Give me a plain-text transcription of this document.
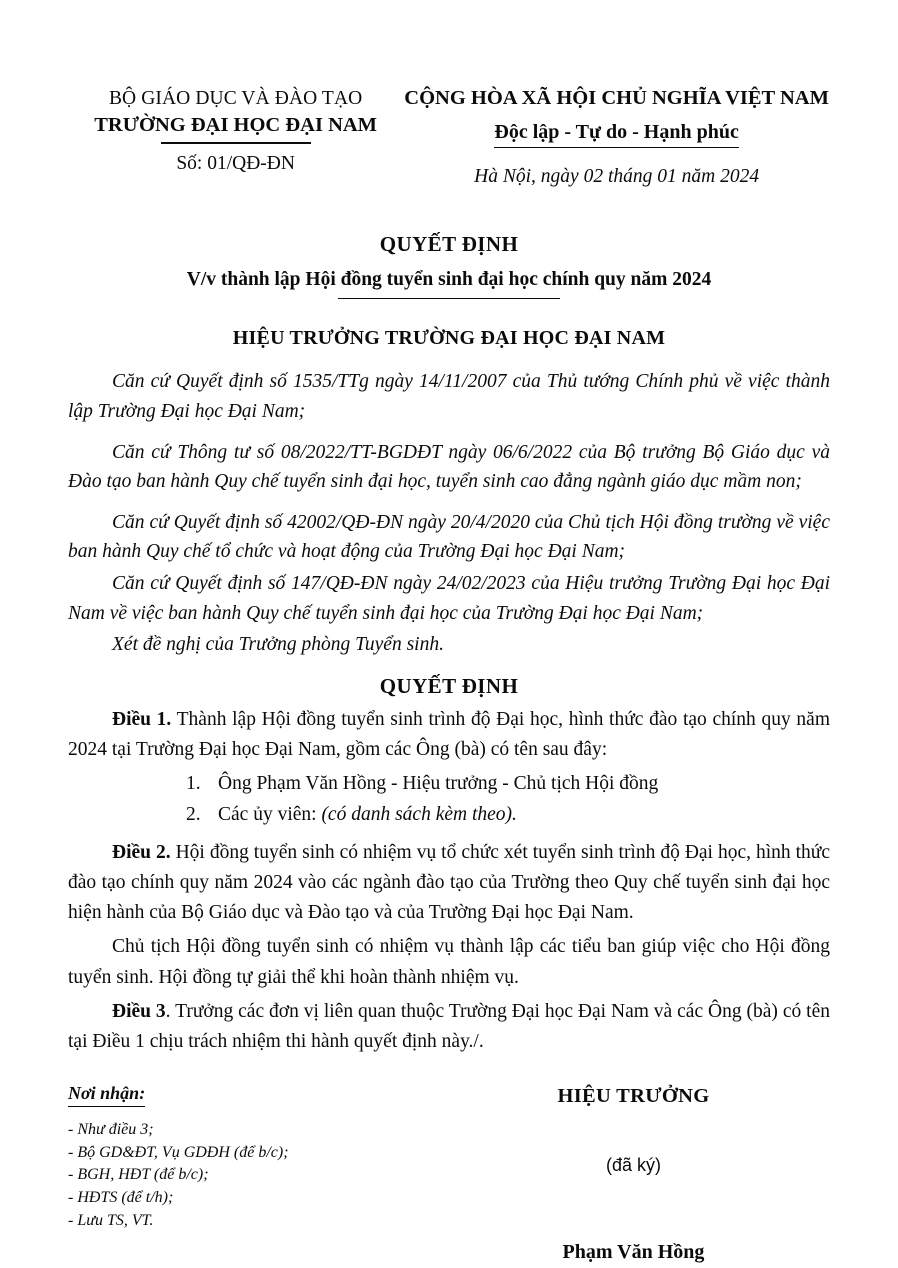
BỘ GIÁO DỤC VÀ ĐÀO TẠO
TRƯỜNG ĐẠI HỌC ĐẠI NAM
Số: 01/QĐ-ĐN
CỘNG HÒA XÃ HỘI CHỦ NGHĨA VIỆT NAM
Độc lập - Tự do - Hạnh phúc
Hà Nội, ngày 02 tháng 01 năm 2024
QUYẾT ĐỊNH
V/v thành lập Hội đồng tuyển sinh đại học chính quy năm 2024
HIỆU TRƯỞNG TRƯỜNG ĐẠI HỌC ĐẠI NAM

Căn cứ Quyết định số 1535/TTg ngày 14/11/2007 của Thủ tướng Chính phủ về việc thành lập Trường Đại học Đại Nam;

Căn cứ Thông tư số 08/2022/TT-BGDĐT ngày 06/6/2022 của Bộ trưởng Bộ Giáo dục và Đào tạo ban hành Quy chế tuyển sinh đại học, tuyển sinh cao đẳng ngành giáo dục mầm non;

Căn cứ Quyết định số 42002/QĐ-ĐN ngày 20/4/2020 của Chủ tịch Hội đồng trường về việc ban hành Quy chế tổ chức và hoạt động của Trường Đại học Đại Nam;

Căn cứ Quyết định số 147/QĐ-ĐN ngày 24/02/2023 của Hiệu trưởng Trường Đại học Đại Nam về việc ban hành Quy chế tuyển sinh đại học của Trường Đại học Đại Nam;

Xét đề nghị của Trưởng phòng Tuyển sinh.

QUYẾT ĐỊNH

Điều 1. Thành lập Hội đồng tuyển sinh trình độ Đại học, hình thức đào tạo chính quy năm 2024 tại Trường Đại học Đại Nam, gồm các Ông (bà) có tên sau đây:

1. Ông Phạm Văn Hồng - Hiệu trưởng - Chủ tịch Hội đồng
2. Các ủy viên: (có danh sách kèm theo).

Điều 2. Hội đồng tuyển sinh có nhiệm vụ tổ chức xét tuyển sinh trình độ Đại học, hình thức đào tạo chính quy năm 2024 vào các ngành đào tạo của Trường theo Quy chế tuyển sinh đại học hiện hành của Bộ Giáo dục và Đào tạo và của Trường Đại học Đại Nam.

Chủ tịch Hội đồng tuyển sinh có nhiệm vụ thành lập các tiểu ban giúp việc cho Hội đồng tuyển sinh. Hội đồng tự giải thể khi hoàn thành nhiệm vụ.

Điều 3. Trưởng các đơn vị liên quan thuộc Trường Đại học Đại Nam và các Ông (bà) có tên tại Điều 1 chịu trách nhiệm thi hành quyết định này./.

Nơi nhận:
- Như điều 3;
- Bộ GD&ĐT, Vụ GDĐH (để b/c);
- BGH, HĐT (để b/c);
- HĐTS (để t/h);
- Lưu TS, VT.
HIỆU TRƯỞNG
(đã ký)
Phạm Văn Hồng
